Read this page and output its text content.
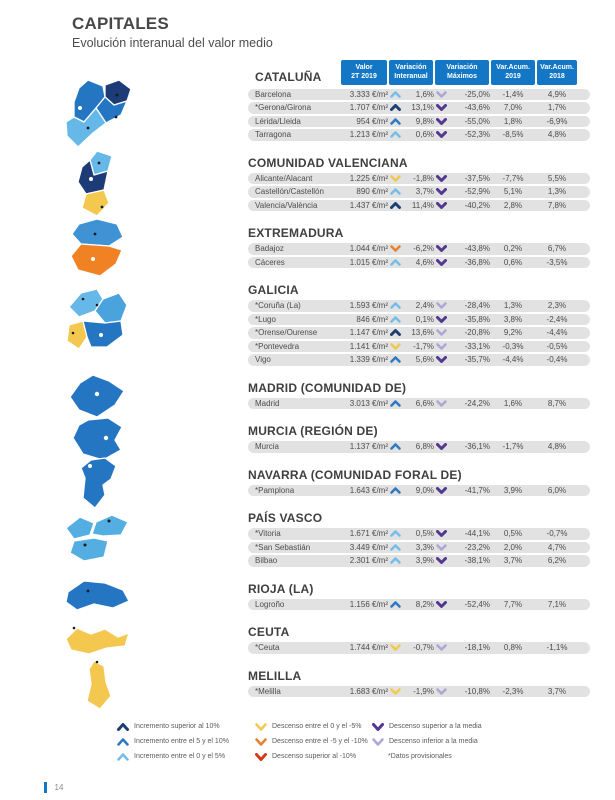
CAPITALES
Evolución interanual del valor medio
CATALUÑA
Valor
2T 2019
Variación
Interanual
Variación
Máximos
Var.Acum.
2019
Var.Acum.
2018
Barcelona	3.333 €/m²	1,6%	-25,0%	-1,4%	4,9%
*Gerona/Girona	1.707 €/m²	13,1%	-43,6%	7,0%	1,7%
Lérida/Lleida	954 €/m²	9,8%	-55,0%	1,8%	-6,9%
Tarragona	1.213 €/m²	0,6%	-52,3%	-8,5%	4,8%
COMUNIDAD VALENCIANA
Alicante/Alacant	1.225 €/m²	-1,8%	-37,5%	-7,7%	5,5%
Castellón/Castellón	890 €/m²	3,7%	-52,9%	5,1%	1,3%
Valencia/València	1.437 €/m²	11,4%	-40,2%	2,8%	7,8%
EXTREMADURA
Badajoz	1.044 €/m²	-6,2%	-43,8%	0,2%	6,7%
Cáceres	1.015 €/m²	4,6%	-36,8%	0,6%	-3,5%
GALICIA
*Coruña (La)	1.593 €/m²	2,4%	-28,4%	1,3%	2,3%
*Lugo	846 €/m²	0,1%	-35,8%	3,8%	-2,4%
*Orense/Ourense	1.147 €/m²	13,6%	-20,8%	9,2%	-4,4%
*Pontevedra	1.141 €/m²	-1,7%	-33,1%	-0,3%	-0,5%
Vigo	1.339 €/m²	5,6%	-35,7%	-4,4%	-0,4%
MADRID (COMUNIDAD DE)
Madrid	3.013 €/m²	6,6%	-24,2%	1,6%	8,7%
MURCIA (REGIÓN DE)
Murcia	1.137 €/m²	6,8%	-36,1%	-1,7%	4,8%
NAVARRA (COMUNIDAD FORAL DE)
*Pamplona	1.643 €/m²	9,0%	-41,7%	3,9%	6,0%
PAÍS VASCO
*Vitoria	1.671 €/m²	0,5%	-44,1%	0,5%	-0,7%
*San Sebastián	3.449 €/m²	3,3%	-23,2%	2,0%	4,7%
Bilbao	2.301 €/m²	3,9%	-38,1%	3,7%	6,2%
RIOJA (LA)
Logroño	1.156 €/m²	8,2%	-52,4%	7,7%	7,1%
CEUTA
*Ceuta	1.744 €/m²	-0,7%	-18,1%	0,8%	-1,1%
MELILLA
*Melilla	1.683 €/m²	-1,9%	-10,8%	-2,3%	3,7%
Incremento superior al 10%
Incremento entre el 5 y el 10%
Incremento entre el 0 y el 5%
Descenso entre el 0 y el -5%
Descenso entre el -5 y el -10%
Descenso superior al -10%
Descenso superior a la media
Descenso inferior a la media
*Datos provisionales
14
